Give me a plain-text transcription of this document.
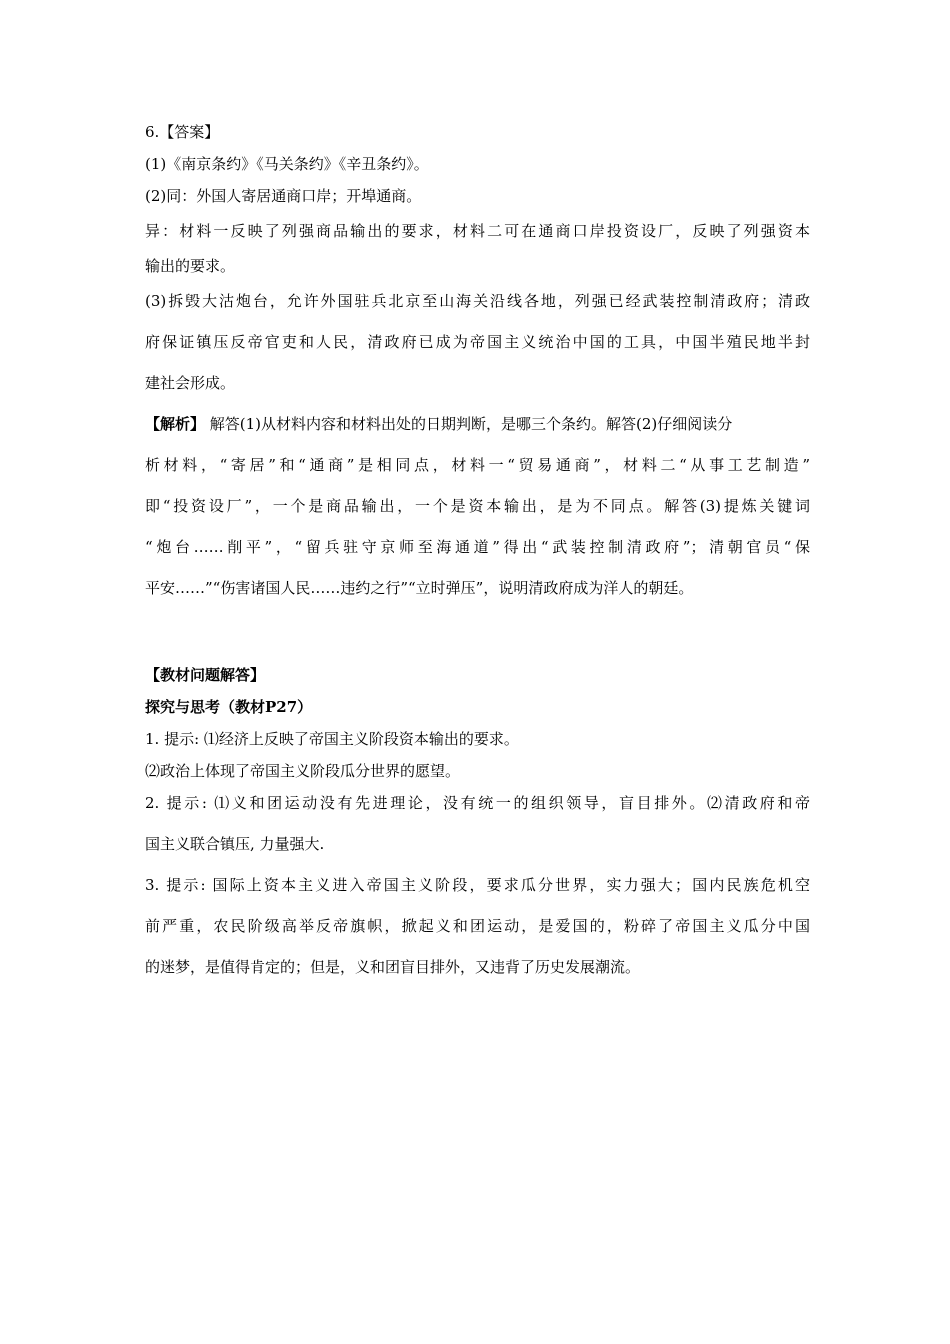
6.【答案】

(1)《南京条约》《马关条约》《辛丑条约》。

(2)同：外国人寄居通商口岸；开埠通商。

异：材料一反映了列强商品输出的要求，材料二可在通商口岸投资设厂，反映了列强资本

输出的要求。

(3)拆毁大沽炮台，允许外国驻兵北京至山海关沿线各地，列强已经武装控制清政府；清政

府保证镇压反帝官吏和人民，清政府已成为帝国主义统治中国的工具，中国半殖民地半封

建社会形成。

【解析】 解答(1)从材料内容和材料出处的日期判断，是哪三个条约。解答(2)仔细阅读分

析材料，“寄居”和“通商”是相同点，材料一“贸易通商”，材料二“从事工艺制造”

即“投资设厂”，一个是商品输出，一个是资本输出，是为不同点。解答(3)提炼关键词

“炮台……削平”，“留兵驻守京师至海通道”得出“武装控制清政府”；清朝官员“保

平安……”“伤害诸国人民……违约之行”“立时弹压”，说明清政府成为洋人的朝廷。

【教材问题解答】

探究与思考（教材P27）

1. 提示: ⑴经济上反映了帝国主义阶段资本输出的要求。

⑵政治上体现了帝国主义阶段瓜分世界的愿望。

2. 提示: ⑴义和团运动没有先进理论，没有统一的组织领导，盲目排外。⑵清政府和帝

国主义联合镇压, 力量强大.

3. 提示: 国际上资本主义进入帝国主义阶段，要求瓜分世界，实力强大；国内民族危机空

前严重，农民阶级高举反帝旗帜，掀起义和团运动，是爱国的，粉碎了帝国主义瓜分中国

的迷梦，是值得肯定的；但是，义和团盲目排外，又违背了历史发展潮流。
